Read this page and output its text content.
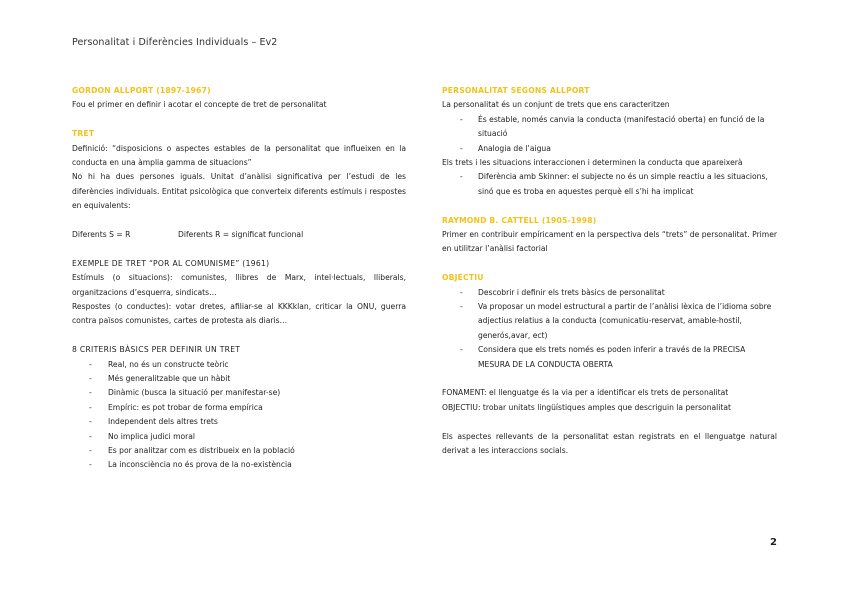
Personalitat i Diferències Individuals – Ev2

GORDON ALLPORT (1897-1967)

Fou el primer en definir i acotar el concepte de tret de personalitat

TRET

Definició: “disposicions o aspectes estables de la personalitat que influeixen en la conducta en una àmplia gamma de situacions”

No hi ha dues persones iguals. Unitat d’anàlisi significativa per l’estudi de les diferències individuals. Entitat psicològica que converteix diferents estímuls i respostes en equivalents:

Diferents S = R	Diferents R = significat funcional

EXEMPLE DE TRET “POR AL COMUNISME” (1961)

Estímuls (o situacions): comunistes, llibres de Marx, intel·lectuals, lliberals, organitzacions d’esquerra, sindicats…

Respostes (o conductes): votar dretes, afiliar-se al KKKklan, criticar la ONU, guerra contra països comunistes, cartes de protesta als diaris…

8 CRITERIS BÀSICS PER DEFINIR UN TRET

- Real, no és un constructe teòric
- Més generalitzable que un hàbit
- Dinàmic (busca la situació per manifestar-se)
- Empíric: es pot trobar de forma empírica
- Independent dels altres trets
- No implica judici moral
- Es por analitzar com es distribueix en la població
- La inconsciència no és prova de la no-existència

PERSONALITAT SEGONS ALLPORT

La personalitat és un conjunt de trets que ens caracteritzen

- És estable, només canvia la conducta (manifestació oberta) en funció de la situació
- Analogia de l’aigua

Els trets i les situacions interaccionen i determinen la conducta que apareixerà

- Diferència amb Skinner: el subjecte no és un simple reactiu a les situacions, sinó que es troba en aquestes perquè ell s’hi ha implicat

RAYMOND B. CATTELL (1905-1998)

Primer en contribuir empíricament en la perspectiva dels “trets” de personalitat. Primer en utilitzar l’anàlisi factorial

OBJECTIU

- Descobrir i definir els trets bàsics de personalitat
- Va proposar un model estructural a partir de l’anàlisi lèxica de l’idioma sobre adjectius relatius a la conducta (comunicatiu-reservat, amable-hostil, generós,avar, ect)
- Considera que els trets només es poden inferir a través de la PRECISA MESURA DE LA CONDUCTA OBERTA

FONAMENT: el llenguatge és la via per a identificar els trets de personalitat

OBJECTIU: trobar unitats lingüístiques amples que descriguin la personalitat

Els aspectes rellevants de la personalitat estan registrats en el llenguatge natural derivat a les interaccions socials.

2
